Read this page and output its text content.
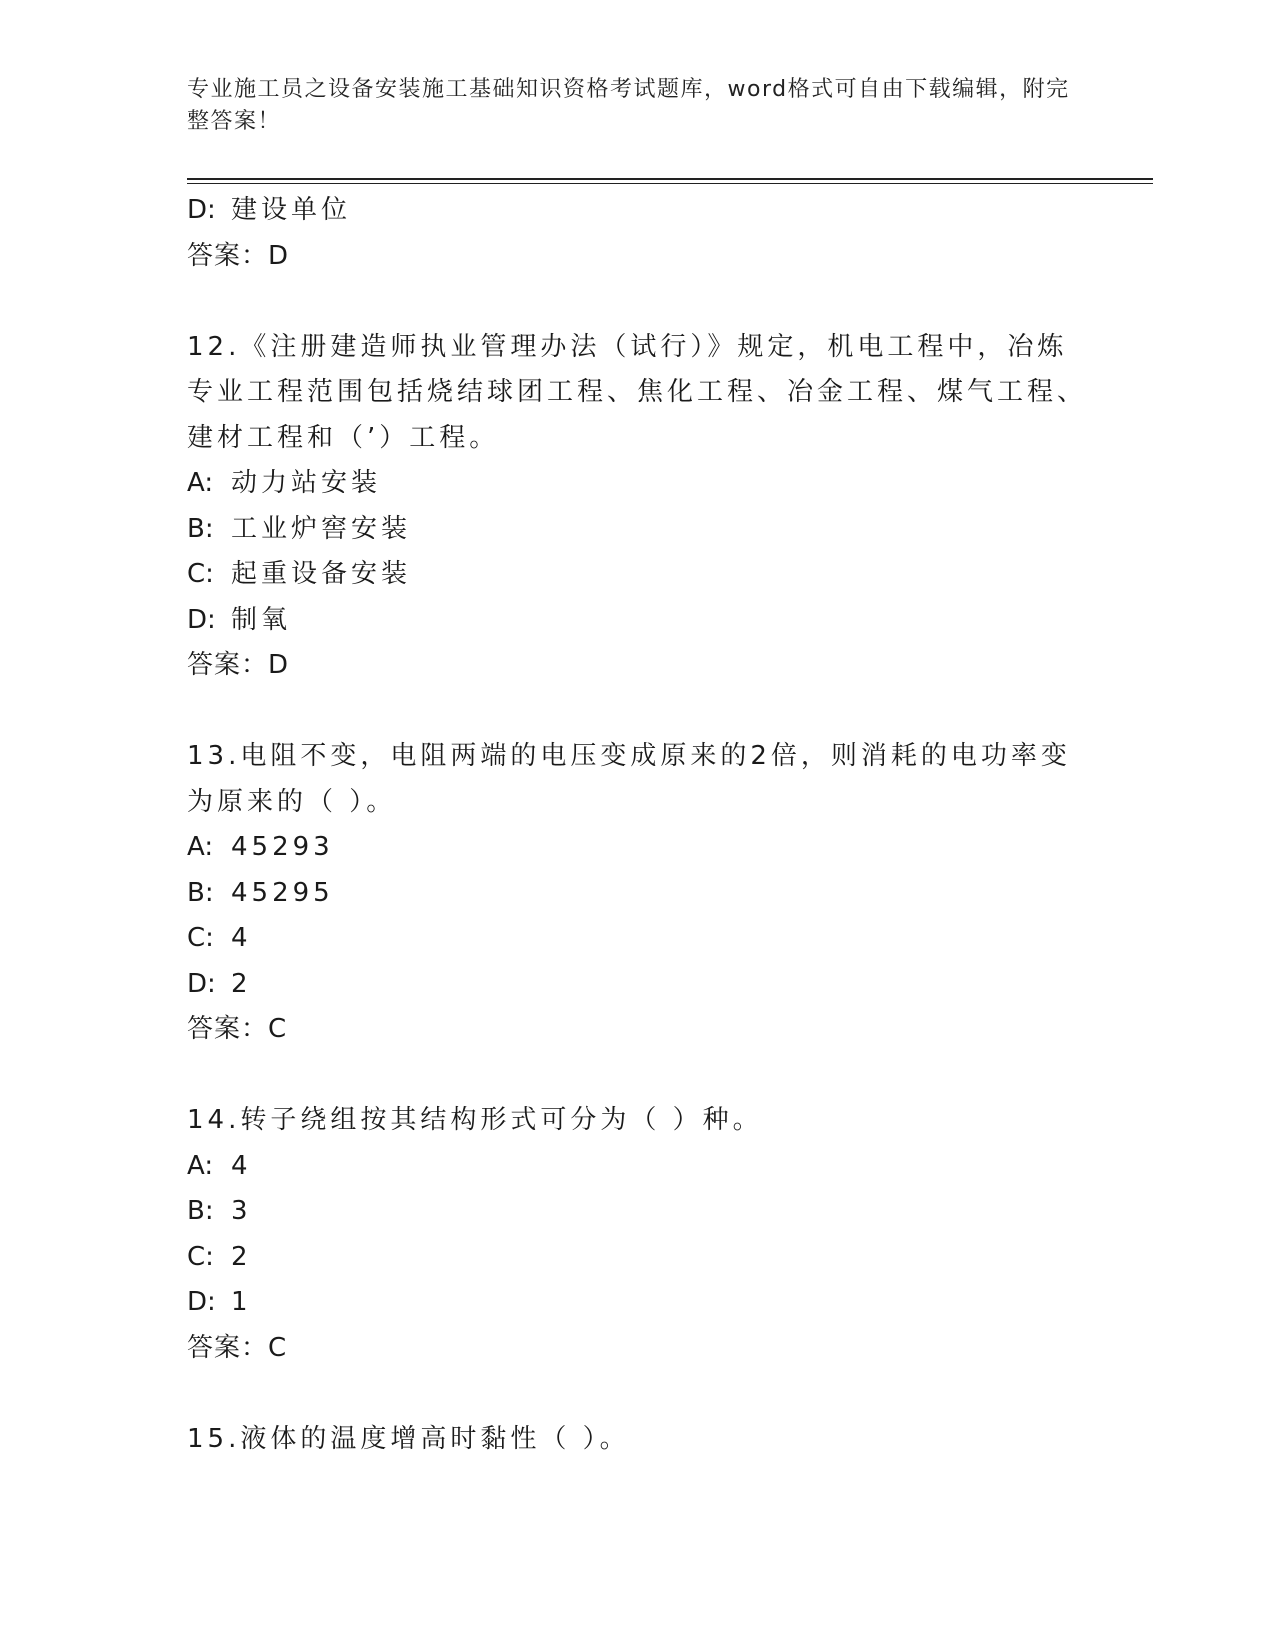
专业施工员之设备安装施工基础知识资格考试题库，word格式可自由下载编辑，附完整答案！

D: 建设单位

答案：D

12.《注册建造师执业管理办法（试行）》规定，机电工程中，冶炼专业工程范围包括烧结球团工程、焦化工程、冶金工程、煤气工程、建材工程和（’）工程。

A: 动力站安装

B: 工业炉窖安装

C: 起重设备安装

D: 制氧

答案：D

13.电阻不变，电阻两端的电压变成原来的2倍，则消耗的电功率变为原来的（ ）。

A: 45293

B: 45295

C: 4

D: 2

答案：C

14.转子绕组按其结构形式可分为（ ）种。

A: 4

B: 3

C: 2

D: 1

答案：C

15.液体的温度增高时黏性（ ）。
